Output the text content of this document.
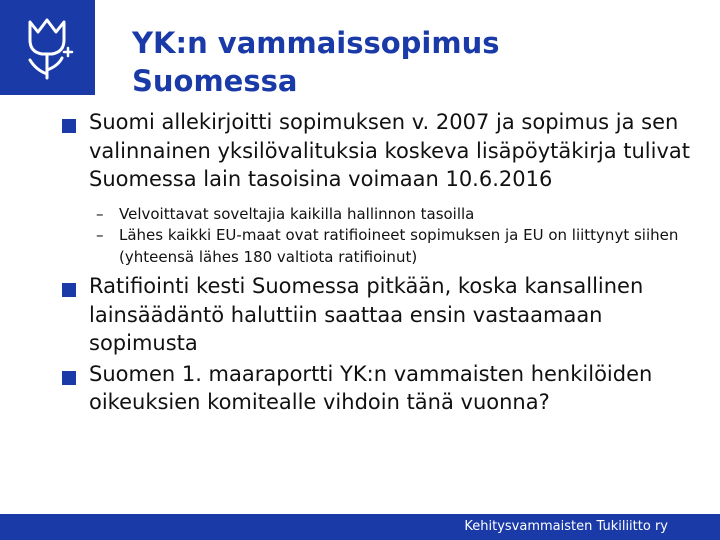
YK:n vammaissopimus
Suomessa
Suomi allekirjoitti sopimuksen v. 2007 ja sopimus ja sen valinnainen yksilövalituksia koskeva lisäpöytäkirja tulivat Suomessa lain tasoisina voimaan 10.6.2016
– Velvoittavat soveltajia kaikilla hallinnon tasoilla
– Lähes kaikki EU-maat ovat ratifioineet sopimuksen ja EU on liittynyt siihen (yhteensä lähes 180 valtiota ratifioinut)
Ratifiointi kesti Suomessa pitkään, koska kansallinen lainsäädäntö haluttiin saattaa ensin vastaamaan sopimusta
Suomen 1. maaraportti YK:n vammaisten henkilöiden oikeuksien komitealle vihdoin tänä vuonna?
Kehitysvammaisten Tukiliitto ry
